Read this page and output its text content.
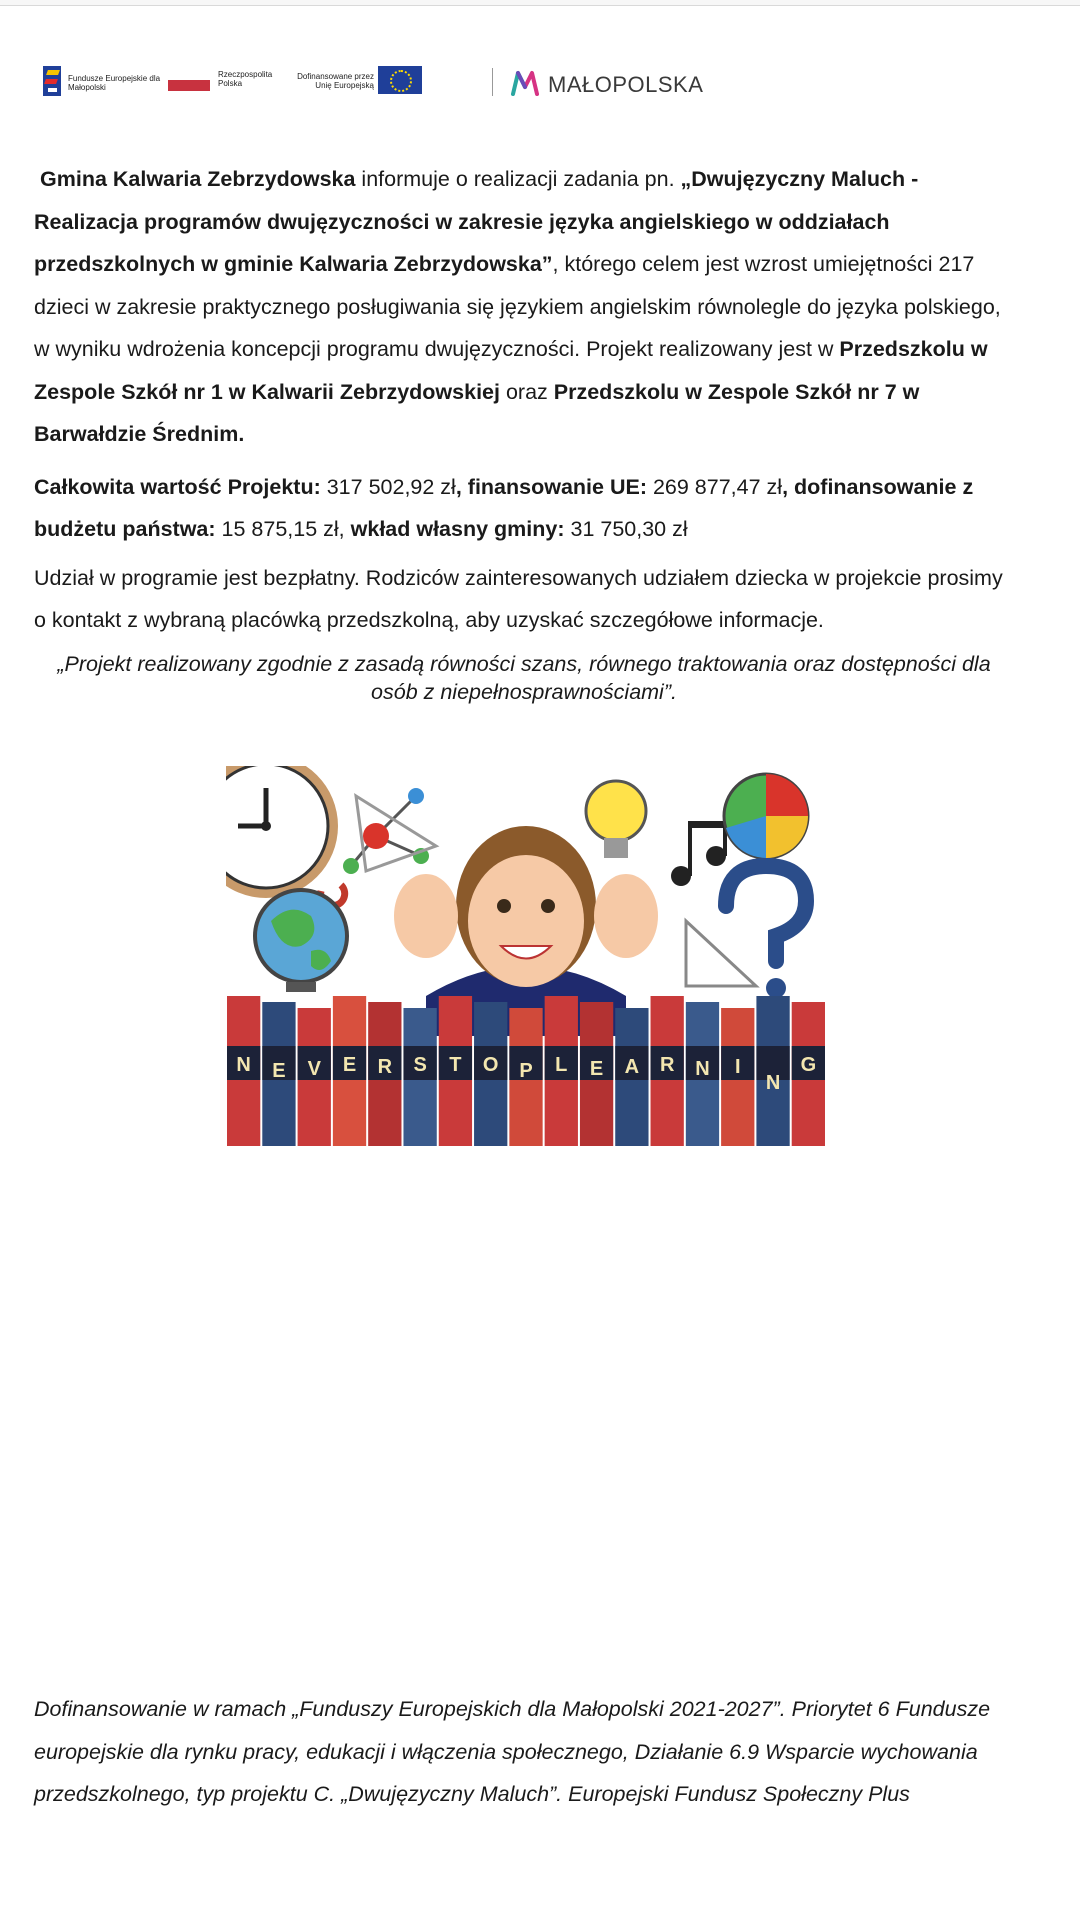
Fundusze Europejskie dla Małopolski
Rzeczpospolita Polska
Dofinansowane przez Unię Europejską	MAŁOPOLSKA

Gmina Kalwaria Zebrzydowska informuje o realizacji zadania pn. „Dwujęzyczny Maluch - Realizacja programów dwujęzyczności w zakresie języka angielskiego w oddziałach przedszkolnych w gminie Kalwaria Zebrzydowska”, którego celem jest wzrost umiejętności 217 dzieci w zakresie praktycznego posługiwania się językiem angielskim równolegle do języka polskiego, w wyniku wdrożenia koncepcji programu dwujęzyczności. Projekt realizowany jest w Przedszkolu w Zespole Szkół nr 1 w Kalwarii Zebrzydowskiej oraz Przedszkolu w Zespole Szkół nr 7 w Barwałdzie Średnim.

Całkowita wartość Projektu: 317 502,92 zł, finansowanie UE: 269 877,47 zł, dofinansowanie z budżetu państwa: 15 875,15 zł, wkład własny gminy: 31 750,30 zł

Udział w programie jest bezpłatny. Rodziców zainteresowanych udziałem dziecka w projekcie prosimy o kontakt z wybraną placówką przedszkolną, aby uzyskać szczegółowe informacje.

„Projekt realizowany zgodnie z zasadą równości szans, równego traktowania oraz dostępności dla osób z niepełnosprawnościami”.

N E V E R S T O P L E A R N I
N
G
Dofinansowanie w ramach „Funduszy Europejskich dla Małopolski 2021-2027”. Priorytet 6 Fundusze europejskie dla rynku pracy, edukacji i włączenia społecznego, Działanie 6.9 Wsparcie wychowania przedszkolnego, typ projektu C. „Dwujęzyczny Maluch”. Europejski Fundusz Społeczny Plus
